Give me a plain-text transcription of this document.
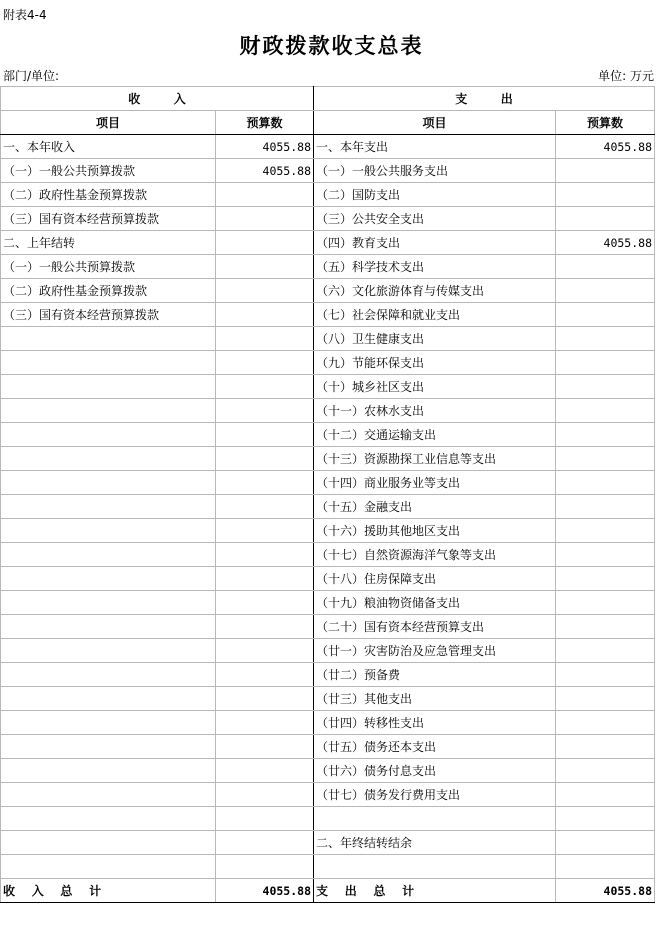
附表4-4
财政拨款收支总表
部门/单位:	单位: 万元
收        入		支        出	
项目	预算数	项目	预算数
一、本年收入	4055.88	一、本年支出	4055.88
（一）一般公共预算拨款	4055.88	（一）一般公共服务支出	
（二）政府性基金预算拨款		（二）国防支出	
（三）国有资本经营预算拨款		（三）公共安全支出	
二、上年结转		（四）教育支出	4055.88
（一）一般公共预算拨款		（五）科学技术支出	
（二）政府性基金预算拨款		（六）文化旅游体育与传媒支出	
（三）国有资本经营预算拨款		（七）社会保障和就业支出	
		（八）卫生健康支出	
		（九）节能环保支出	
		（十）城乡社区支出	
		（十一）农林水支出	
		（十二）交通运输支出	
		（十三）资源勘探工业信息等支出	
		（十四）商业服务业等支出	
		（十五）金融支出	
		（十六）援助其他地区支出	
		（十七）自然资源海洋气象等支出	
		（十八）住房保障支出	
		（十九）粮油物资储备支出	
		（二十）国有资本经营预算支出	
		（廿一）灾害防治及应急管理支出	
		（廿二）预备费	
		（廿三）其他支出	
		（廿四）转移性支出	
		（廿五）债务还本支出	
		（廿六）债务付息支出	
		（廿七）债务发行费用支出	

		二、年终结转结余	

收    入    总    计	4055.88	支    出    总    计	4055.88
